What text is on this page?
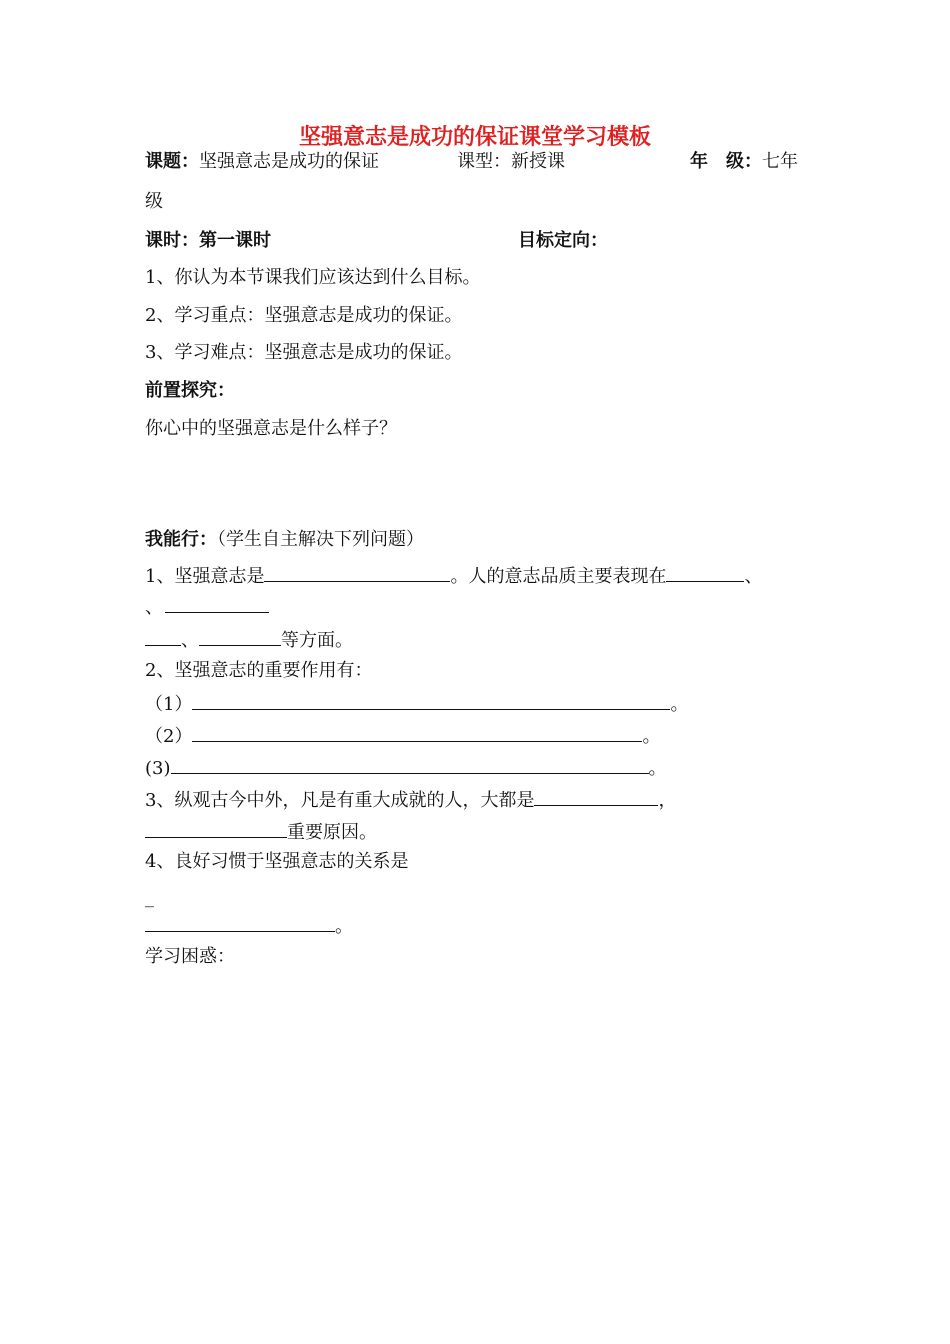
坚强意志是成功的保证课堂学习模板
课题：坚强意志是成功的保证	课型：新授课	年　级：七年
级
课时：第一课时	目标定向：
1、你认为本节课我们应该达到什么目标。
2、学习重点：坚强意志是成功的保证。
3、学习难点：坚强意志是成功的保证。
前置探究：
你心中的坚强意志是什么样子？
我能行：（学生自主解决下列问题）
1、坚强意志是	。人的意志品质主要表现在	、
、
、	等方面。
2、坚强意志的重要作用有：
（1）	。
（2）	。
(3)	。
3、纵观古今中外，凡是有重大成就的人，大都是	，
重要原因。
4、良好习惯于坚强意志的关系是
_
。
学习困惑：
